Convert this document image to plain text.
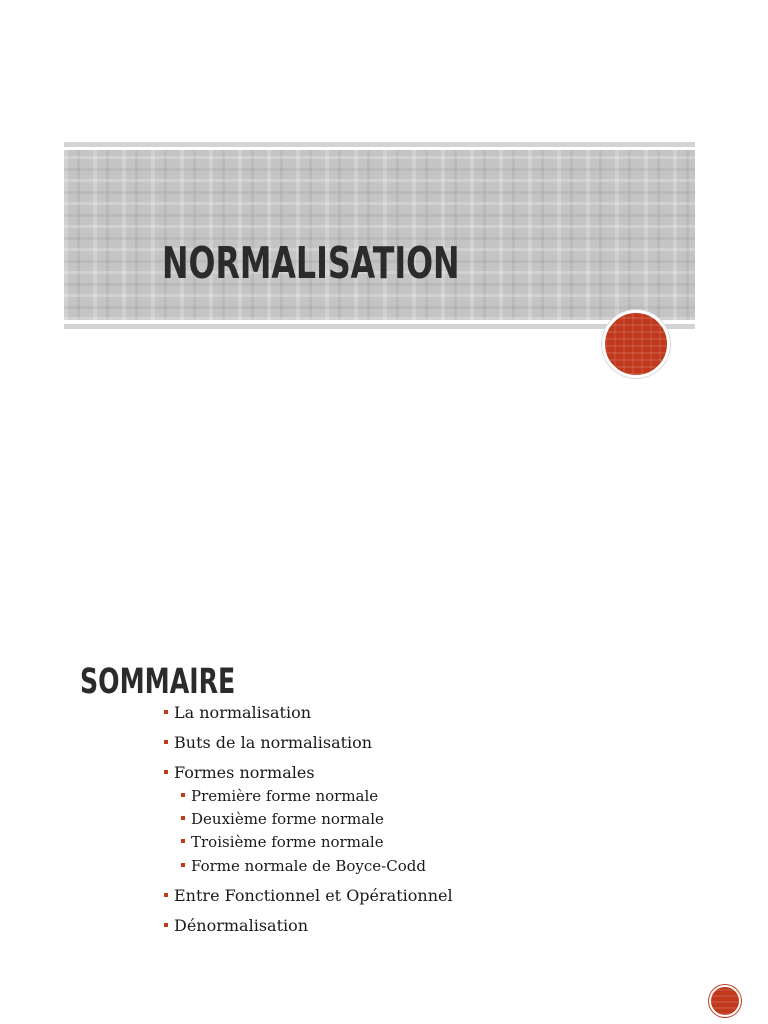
NORMALISATION
SOMMAIRE
La normalisation
Buts de la normalisation
Formes normales
Première forme normale
Deuxième forme normale
Troisième forme normale
Forme normale de Boyce-Codd
Entre Fonctionnel et Opérationnel
Dénormalisation
